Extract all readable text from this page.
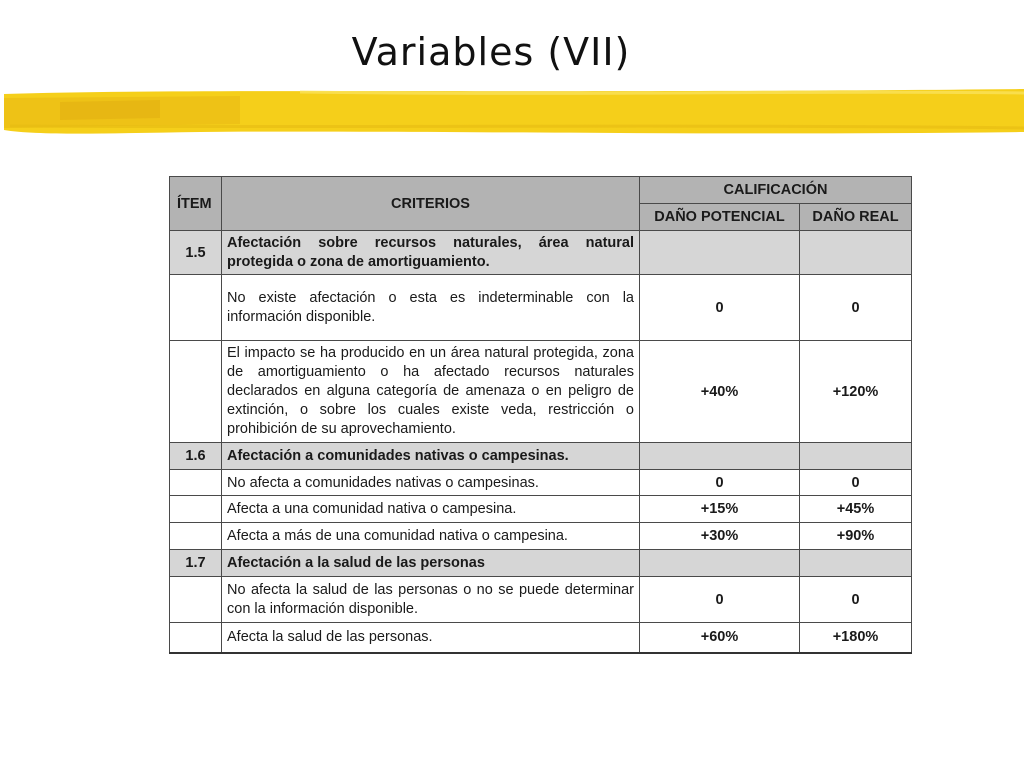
Variables (VII)
ÍTEM	CRITERIOS	CALIFICACIÓN	
		DAÑO POTENCIAL	DAÑO REAL
1.5	Afectación sobre recursos naturales, área natural protegida o zona de amortiguamiento.		
	No existe afectación o esta es indeterminable con la información disponible.	0	0
	El impacto se ha producido en un área natural protegida, zona de amortiguamiento o ha afectado recursos naturales declarados en alguna categoría de amenaza o en peligro de extinción, o sobre los cuales existe veda, restricción o prohibición de su aprovechamiento.	+40%	+120%
1.6	Afectación a comunidades nativas o campesinas.		
	No afecta a comunidades nativas o campesinas.	0	0
	Afecta a una comunidad nativa o campesina.	+15%	+45%
	Afecta a más de una comunidad nativa o campesina.	+30%	+90%
1.7	Afectación a la salud de las personas		
	No afecta la salud de las personas o no se puede determinar con la información disponible.	0	0
	Afecta la salud de las personas.	+60%	+180%
